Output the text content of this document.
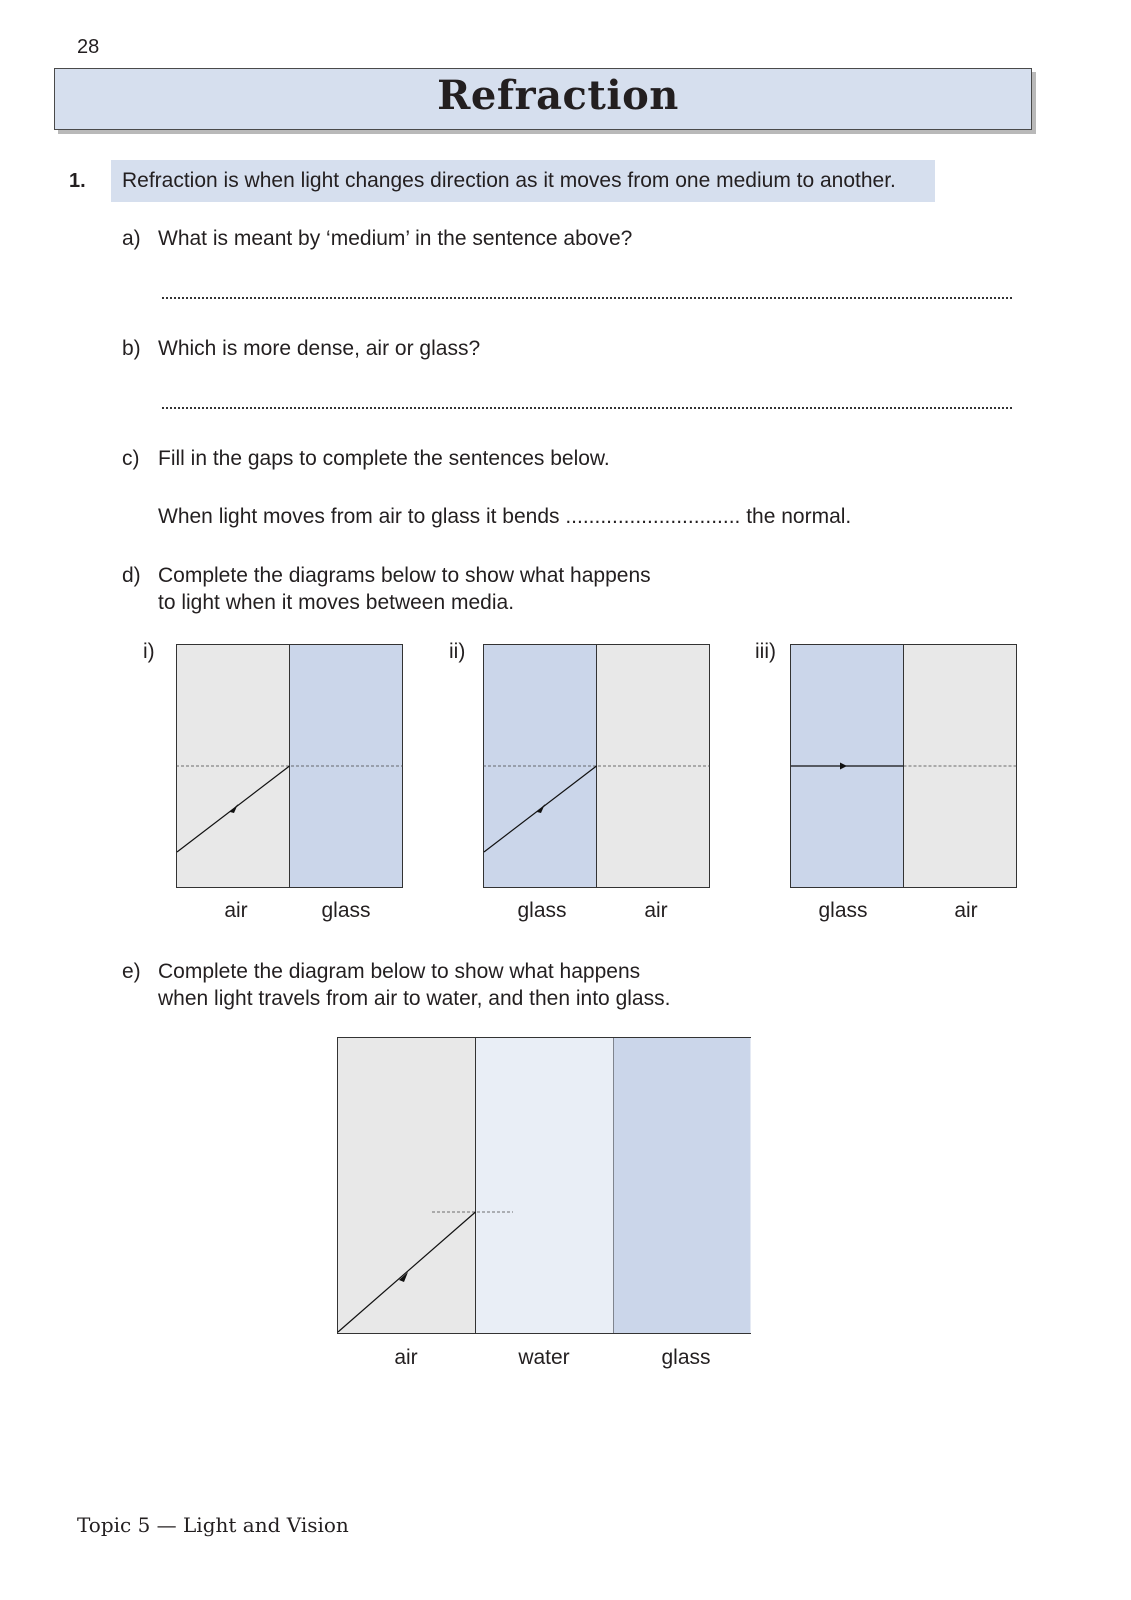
28
Refraction
1. Refraction is when light changes direction as it moves from one medium to another.
a) What is meant by ‘medium’ in the sentence above?
b) Which is more dense, air or glass?
c) Fill in the gaps to complete the sentences below.
When light moves from air to glass it bends .............................. the normal.
d) Complete the diagrams below to show what happens
to light when it moves between media.
i)
air	glass
ii)
glass	air
iii)
glass	air
e) Complete the diagram below to show what happens
when light travels from air to water, and then into glass.
air	water	glass
Topic 5 — Light and Vision
